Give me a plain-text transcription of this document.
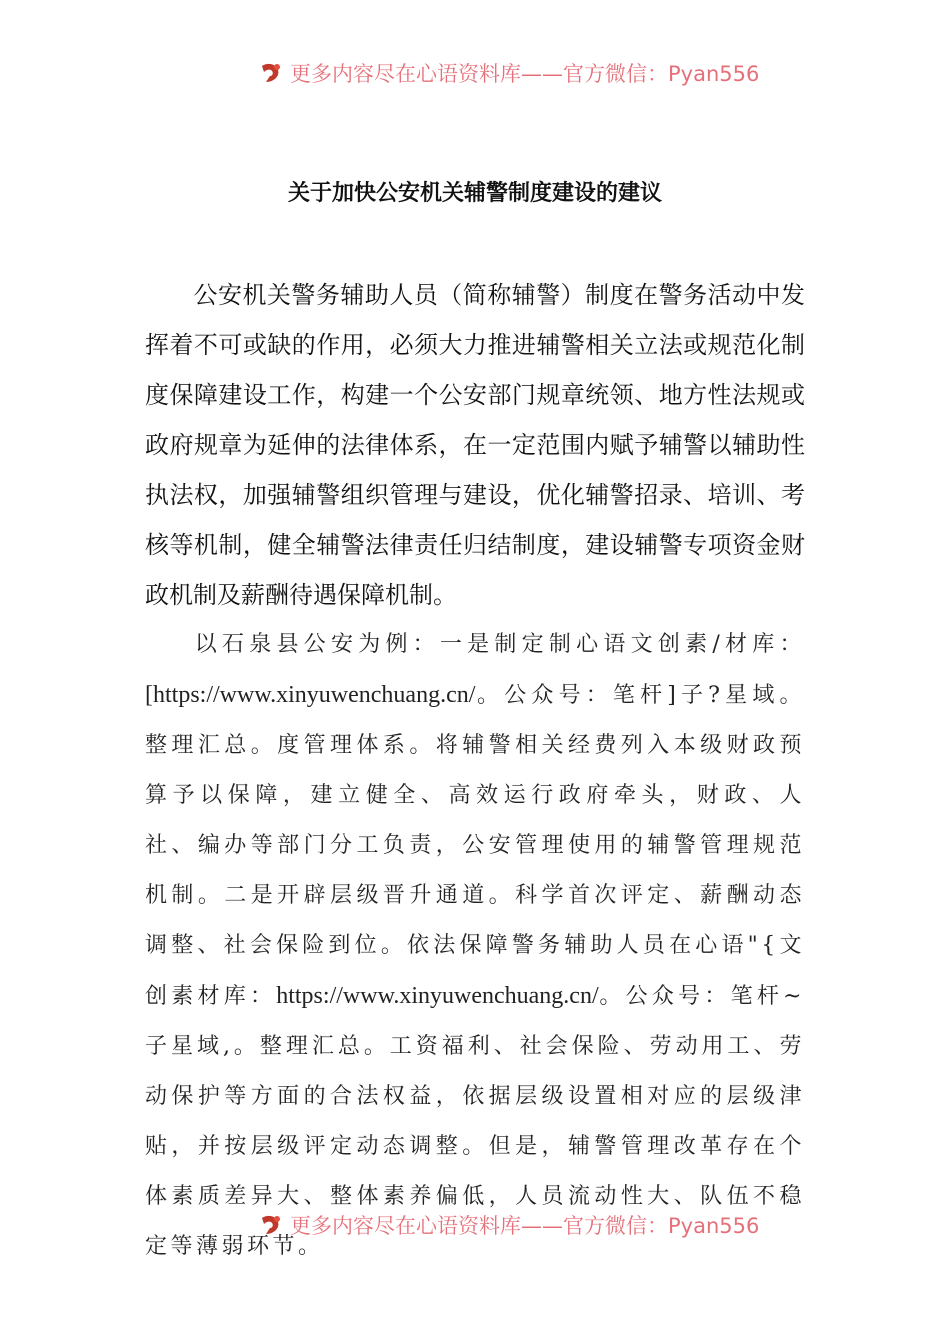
更多内容尽在心语资料库——官方微信：Pyan556
关于加快公安机关辅警制度建设的建议

公安机关警务辅助人员（简称辅警）制度在警务活动中发挥着不可或缺的作用，必须大力推进辅警相关立法或规范化制度保障建设工作，构建一个公安部门规章统领、地方性法规或政府规章为延伸的法律体系，在一定范围内赋予辅警以辅助性执法权，加强辅警组织管理与建设，优化辅警招录、培训、考核等机制，健全辅警法律责任归结制度，建设辅警专项资金财政机制及薪酬待遇保障机制。

以石泉县公安为例：一是制定制心语文创素/材库：[https://www.xinyuwenchuang.cn/。公众号：笔杆]子?星域。整理汇总。度管理体系。将辅警相关经费列入本级财政预算予以保障，建立健全、高效运行政府牵头，财政、人社、编办等部门分工负责，公安管理使用的辅警管理规范机制。二是开辟层级晋升通道。科学首次评定、薪酬动态调整、社会保险到位。依法保障警务辅助人员在心语"{文创素材库：https://www.xinyuwenchuang.cn/。公众号：笔杆~子星域,。整理汇总。工资福利、社会保险、劳动用工、劳动保护等方面的合法权益，依据层级设置相对应的层级津贴，并按层级评定动态调整。但是，辅警管理改革存在个体素质差异大、整体素养偏低，人员流动性大、队伍不稳定等薄弱环节。

更多内容尽在心语资料库——官方微信：Pyan556
